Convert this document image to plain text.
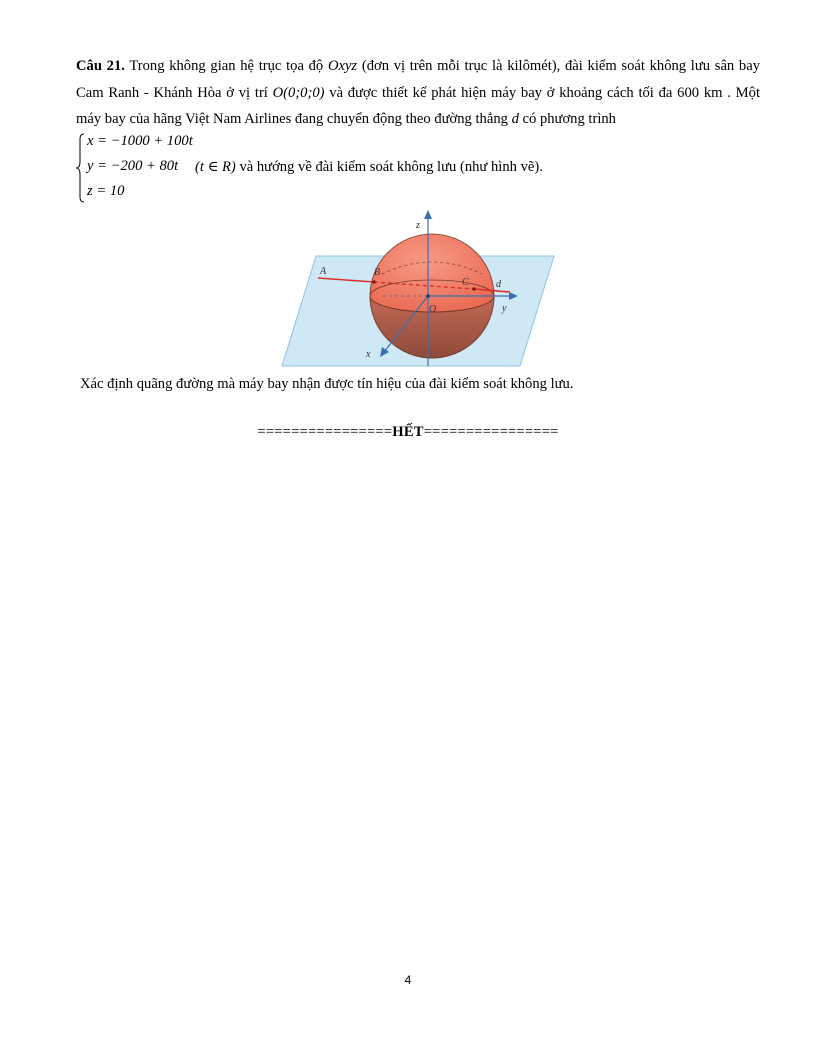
Câu 21. Trong không gian hệ trục tọa độ Oxyz (đơn vị trên mỗi trục là kilômét), đài kiểm soát không lưu sân bay Cam Ranh - Khánh Hòa ở vị trí O(0;0;0) và được thiết kế phát hiện máy bay ở khoảng cách tối đa 600 km . Một máy bay của hãng Việt Nam Airlines đang chuyển động theo đường thẳng d có phương trình

x = −1000 + 100t
y = −200 + 80t
z = 10
(t ∈ R) và hướng về đài kiểm soát không lưu (như hình vẽ).
z
A	B
C	d
O	y
x

Xác định quãng đường mà máy bay nhận được tín hiệu của đài kiểm soát không lưu.

================HẾT================

4
